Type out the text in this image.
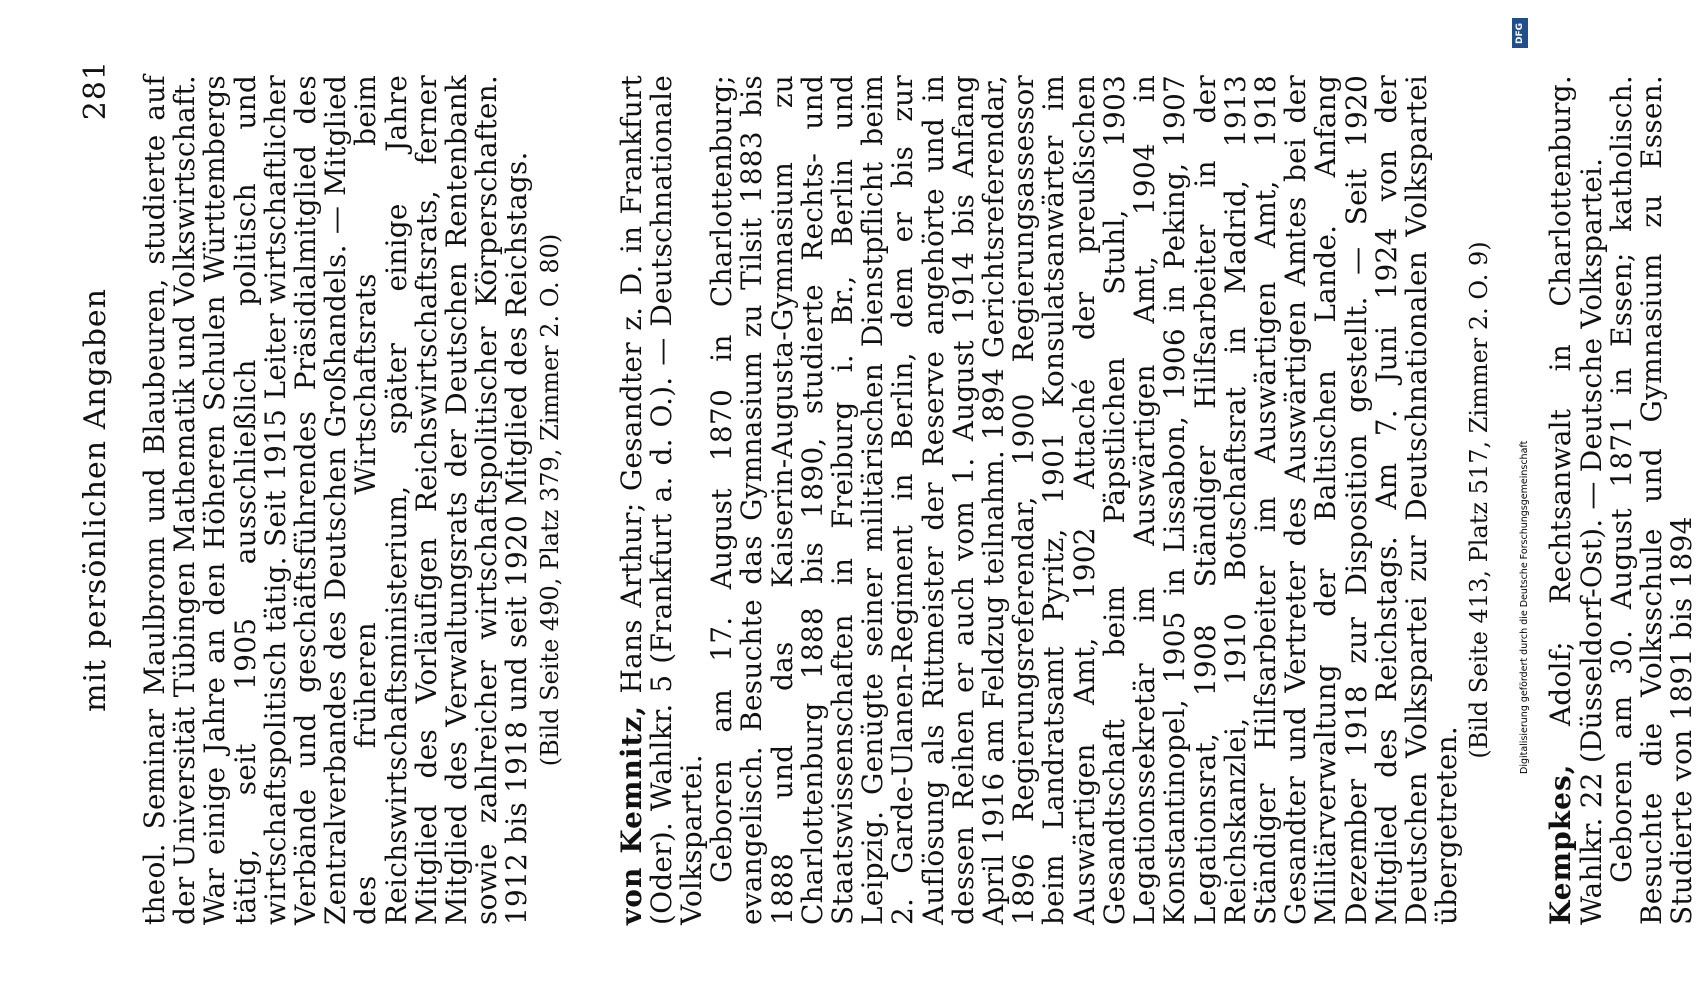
mit persönlichen Angaben
281 theol. Seminar Maulbronn und Blaubeuren, studierte auf der Universität Tübingen Mathematik und Volkswirtschaft. War einige Jahre an den Höheren Schulen Württembergs tätig, seit 1905 ausschließlich politisch und wirtschaftspolitisch tätig. Seit 1915 Leiter wirtschaftlicher Verbände und geschäftsführendes Präsidialmitglied des Zentralverbandes des Deutschen Großhandels. — Mitglied des früheren Wirtschaftsrats beim Reichswirtschaftsministerium, später einige Jahre Mitglied des Vorläufigen Reichswirtschaftsrats, ferner Mitglied des Verwaltungsrats der Deutschen Rentenbank sowie zahlreicher wirtschaftspolitischer Körperschaften. 1912 bis 1918 und seit 1920 Mitglied des Reichstags. (Bild Seite 490, Platz 379, Zimmer 2. O. 80)

von Kemnitz, Hans Arthur; Gesandter z. D. in Frankfurt (Oder). Wahlkr. 5 (Frankfurt a. d. O.). — Deutschnationale Volkspartei.

Geboren am 17. August 1870 in Charlottenburg; evangelisch. Besuchte das Gymnasium zu Tilsit 1883 bis 1888 und das Kaiserin-Augusta-Gymnasium zu Charlottenburg 1888 bis 1890, studierte Rechts- und Staatswissenschaften in Freiburg i. Br., Berlin und Leipzig. Genügte seiner militärischen Dienstpflicht beim 2. Garde-Ulanen-Regiment in Berlin, dem er bis zur Auflösung als Rittmeister der Reserve angehörte und in dessen Reihen er auch vom 1. August 1914 bis Anfang April 1916 am Feldzug teilnahm. 1894 Gerichtsreferendar, 1896 Regierungsreferendar, 1900 Regierungsassessor beim Landratsamt Pyritz, 1901 Konsulatsanwärter im Auswärtigen Amt, 1902 Attaché der preußischen Gesandtschaft beim Päpstlichen Stuhl, 1903 Legationssekretär im Auswärtigen Amt, 1904 in Konstantinopel, 1905 in Lissabon, 1906 in Peking, 1907 Legationsrat, 1908 Ständiger Hilfsarbeiter in der Reichskanzlei, 1910 Botschaftsrat in Madrid, 1913 Ständiger Hilfsarbeiter im Auswärtigen Amt, 1918 Gesandter und Vertreter des Auswärtigen Amtes bei der Militärverwaltung der Baltischen Lande. Anfang Dezember 1918 zur Disposition gestellt. — Seit 1920 Mitglied des Reichstags. Am 7. Juni 1924 von der Deutschen Volkspartei zur Deutschnationalen Volkspartei übergetreten.

(Bild Seite 413, Platz 517, Zimmer 2. O. 9)

Kempkes, Adolf; Rechtsanwalt in Charlottenburg. Wahlkr. 22 (Düsseldorf-Ost). — Deutsche Volkspartei.

Geboren am 30. August 1871 in Essen; katholisch. Besuchte die Volksschule und Gymnasium zu Essen. Studierte von 1891 bis 1894

DFG
Digitalisierung gefördert durch die Deutsche Forschungsgemeinschaft
